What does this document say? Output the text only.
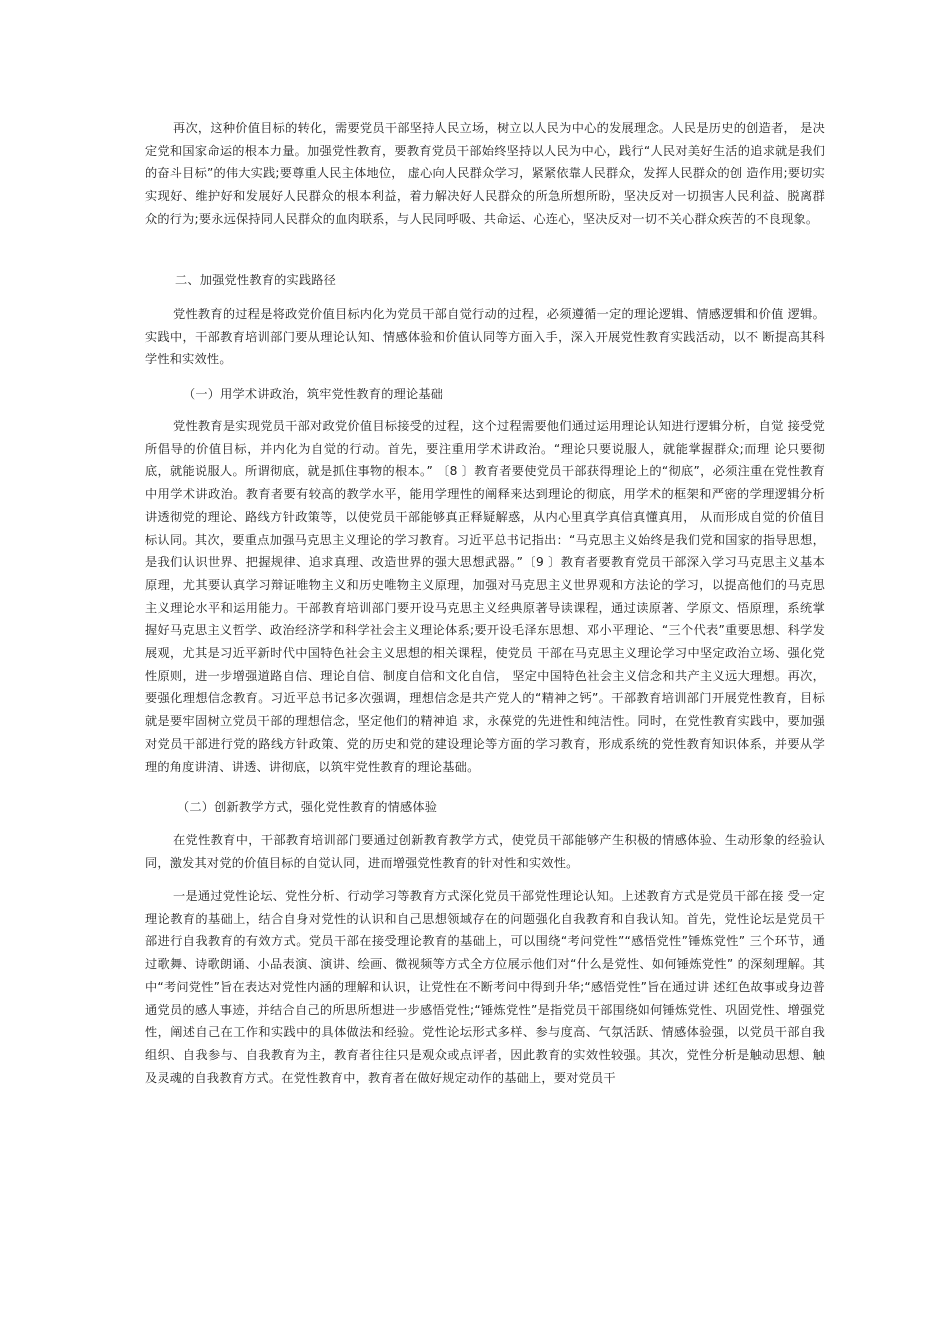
再次，这种价值目标的转化，需要党员干部坚持人民立场，树立以人民为中心的发展理念。人民是历史的创造者， 是决定党和国家命运的根本力量。加强党性教育，要教育党员干部始终坚持以人民为中心，践行“人民对美好生活的追求就是我们的奋斗目标”的伟大实践;要尊重人民主体地位， 虚心向人民群众学习，紧紧依靠人民群众，发挥人民群众的创 造作用;要切实实现好、维护好和发展好人民群众的根本利益，着力解决好人民群众的所急所想所盼，坚决反对一切损害人民利益、脱离群众的行为;要永远保持同人民群众的血肉联系，与人民同呼吸、共命运、心连心，坚决反对一切不关心群众疾苦的不良现象。

二、加强党性教育的实践路径

党性教育的过程是将政党价值目标内化为党员干部自觉行动的过程，必须遵循一定的理论逻辑、情感逻辑和价值 逻辑。实践中，干部教育培训部门要从理论认知、情感体验和价值认同等方面入手，深入开展党性教育实践活动，以不 断提高其科学性和实效性。

（一）用学术讲政治，筑牢党性教育的理论基础

党性教育是实现党员干部对政党价值目标接受的过程，这个过程需要他们通过运用理论认知进行逻辑分析，自觉 接受党所倡导的价值目标，并内化为自觉的行动。首先，要注重用学术讲政治。“理论只要说服人，就能掌握群众;而理 论只要彻底，就能说服人。所谓彻底，就是抓住事物的根本。” 〔8 〕教育者要使党员干部获得理论上的“彻底”，必须注重在党性教育中用学术讲政治。教育者要有较高的教学水平，能用学理性的阐释来达到理论的彻底，用学术的框架和严密的学理逻辑分析讲透彻党的理论、路线方针政策等，以使党员干部能够真正释疑解惑，从内心里真学真信真懂真用， 从而形成自觉的价值目标认同。其次，要重点加强马克思主义理论的学习教育。习近平总书记指出：“马克思主义始终是我们党和国家的指导思想，是我们认识世界、把握规律、追求真理、改造世界的强大思想武器。”〔9 〕教育者要教育党员干部深入学习马克思主义基本原理，尤其要认真学习辩证唯物主义和历史唯物主义原理，加强对马克思主义世界观和方法论的学习，以提高他们的马克思主义理论水平和运用能力。干部教育培训部门要开设马克思主义经典原著导读课程，通过读原著、学原文、悟原理，系统掌握好马克思主义哲学、政治经济学和科学社会主义理论体系;要开设毛泽东思想、邓小平理论、“三个代表”重要思想、科学发展观，尤其是习近平新时代中国特色社会主义思想的相关课程，使党员 干部在马克思主义理论学习中坚定政治立场、强化党性原则，进一步增强道路自信、理论自信、制度自信和文化自信， 坚定中国特色社会主义信念和共产主义远大理想。再次，要强化理想信念教育。习近平总书记多次强调，理想信念是共产党人的“精神之钙”。干部教育培训部门开展党性教育，目标就是要牢固树立党员干部的理想信念，坚定他们的精神追 求，永葆党的先进性和纯洁性。同时，在党性教育实践中，要加强对党员干部进行党的路线方针政策、党的历史和党的建设理论等方面的学习教育，形成系统的党性教育知识体系，并要从学理的角度讲清、讲透、讲彻底，以筑牢党性教育的理论基础。

（二）创新教学方式，强化党性教育的情感体验

在党性教育中，干部教育培训部门要通过创新教育教学方式，使党员干部能够产生积极的情感体验、生动形象的经验认同，激发其对党的价值目标的自觉认同，进而增强党性教育的针对性和实效性。

一是通过党性论坛、党性分析、行动学习等教育方式深化党员干部党性理论认知。上述教育方式是党员干部在接 受一定理论教育的基础上，结合自身对党性的认识和自己思想领域存在的问题强化自我教育和自我认知。首先，党性论坛是党员干部进行自我教育的有效方式。党员干部在接受理论教育的基础上，可以围绕“考问党性”“感悟党性”锤炼党性” 三个环节，通过歌舞、诗歌朗诵、小品表演、演讲、绘画、微视频等方式全方位展示他们对“什么是党性、如何锤炼党性” 的深刻理解。其中“考问党性”旨在表达对党性内涵的理解和认识，让党性在不断考问中得到升华;“感悟党性”旨在通过讲 述红色故事或身边普通党员的感人事迹，并结合自己的所思所想进一步感悟党性;“锤炼党性”是指党员干部围绕如何锤炼党性、巩固党性、增强党性，阐述自己在工作和实践中的具体做法和经验。党性论坛形式多样、参与度高、气氛活跃、情感体验强，以党员干部自我组织、自我参与、自我教育为主，教育者往往只是观众或点评者，因此教育的实效性较强。其次，党性分析是触动思想、触及灵魂的自我教育方式。在党性教育中，教育者在做好规定动作的基础上，要对党员干
